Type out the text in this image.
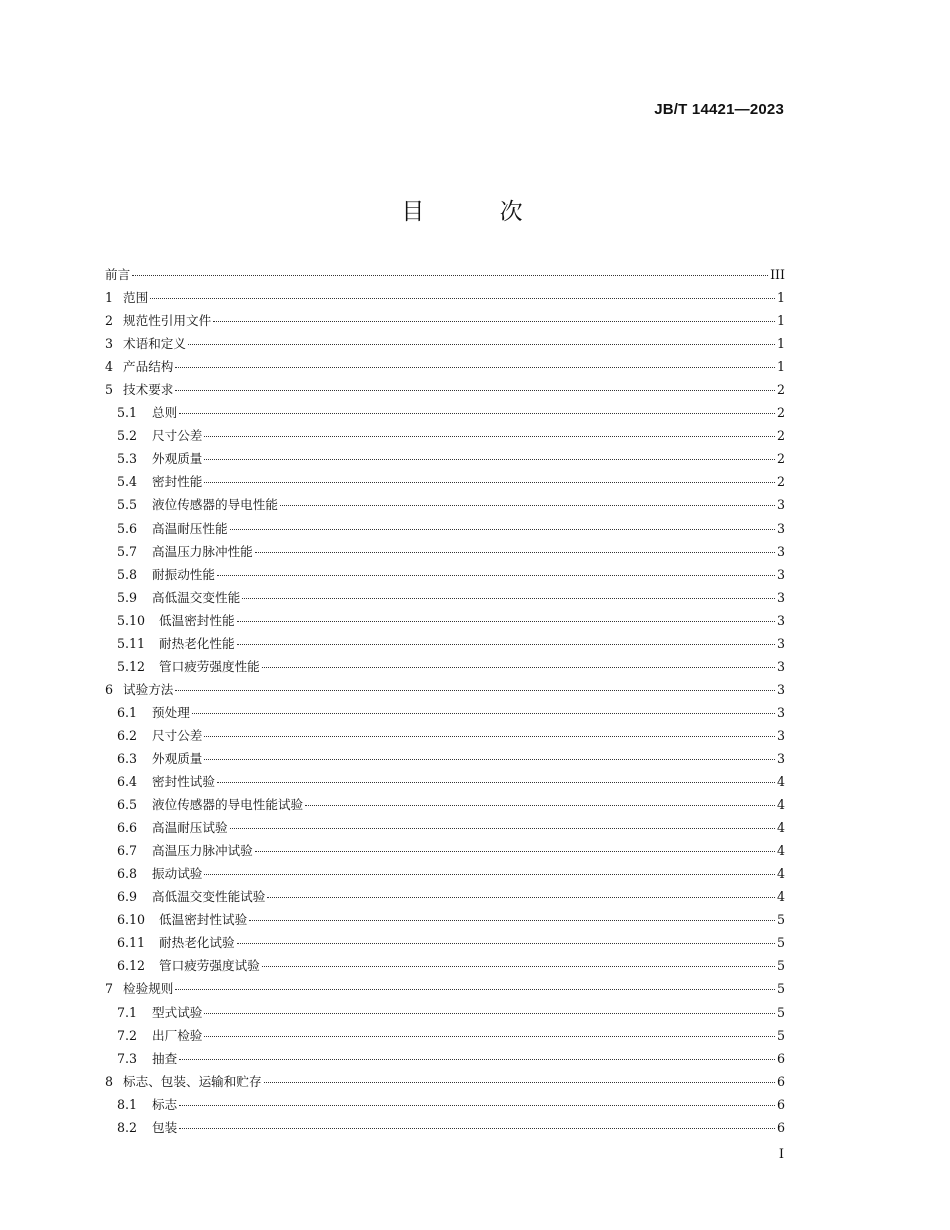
JB/T 14421—2023
目 次
前言	III
1 范围	1
2 规范性引用文件	1
3 术语和定义	1
4 产品结构	1
5 技术要求	2
5.1	总则	2
5.2	尺寸公差	2
5.3	外观质量	2
5.4	密封性能	2
5.5	液位传感器的导电性能	3
5.6	高温耐压性能	3
5.7	高温压力脉冲性能	3
5.8	耐振动性能	3
5.9	高低温交变性能	3
5.10	低温密封性能	3
5.11	耐热老化性能	3
5.12	管口疲劳强度性能	3
6 试验方法	3
6.1	预处理	3
6.2	尺寸公差	3
6.3	外观质量	3
6.4	密封性试验	4
6.5	液位传感器的导电性能试验	4
6.6	高温耐压试验	4
6.7	高温压力脉冲试验	4
6.8	振动试验	4
6.9	高低温交变性能试验	4
6.10	低温密封性试验	5
6.11	耐热老化试验	5
6.12	管口疲劳强度试验	5
7 检验规则	5
7.1	型式试验	5
7.2	出厂检验	5
7.3	抽查	6
8 标志、包装、运输和贮存	6
8.1	标志	6
8.2	包装	6
I
